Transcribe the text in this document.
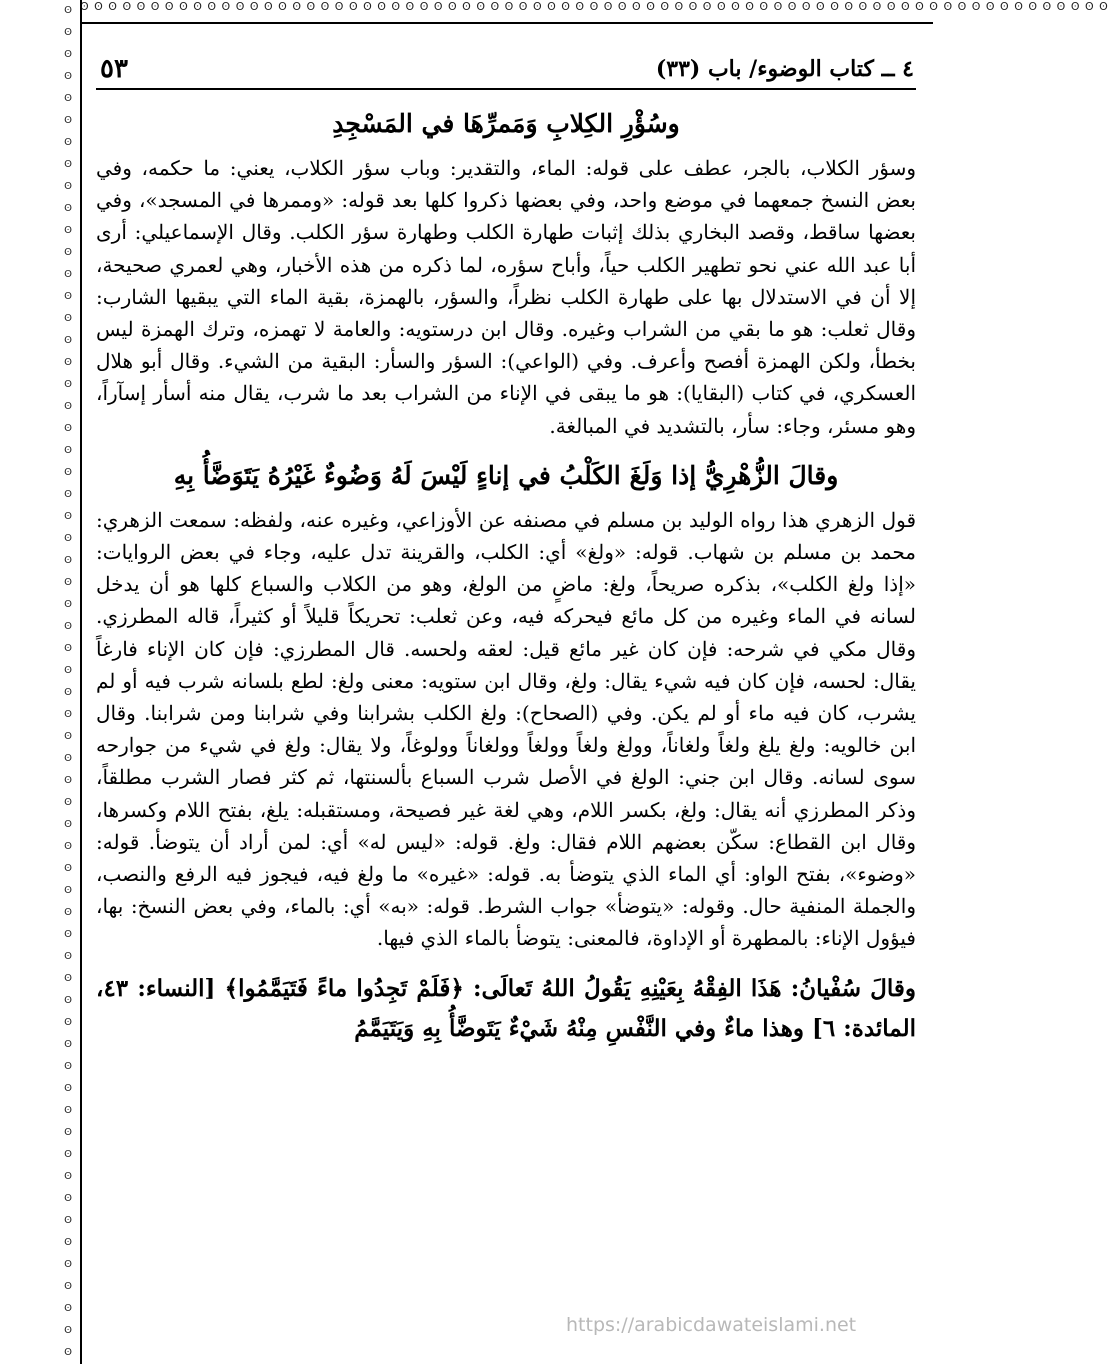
ʘ ʘ ʘ ʘ ʘ ʘ ʘ ʘ ʘ ʘ ʘ ʘ ʘ ʘ ʘ ʘ ʘ ʘ ʘ ʘ ʘ ʘ ʘ ʘ ʘ ʘ ʘ ʘ ʘ ʘ ʘ ʘ ʘ ʘ ʘ ʘ ʘ ʘ ʘ ʘ ʘ ʘ ʘ ʘ ʘ ʘ ʘ ʘ ʘ ʘ ʘ ʘ ʘ ʘ ʘ ʘ ʘ ʘ ʘ ʘ ʘ ʘ ʘ ʘ ʘ ʘ ʘ ʘ ʘ ʘ ʘ ʘ ʘ
ʘ
ʘ
ʘ
ʘ
ʘ
ʘ
ʘ
ʘ
ʘ
ʘ
ʘ
ʘ
ʘ
ʘ
ʘ
ʘ
ʘ
ʘ
ʘ
ʘ
ʘ
ʘ
ʘ
ʘ
ʘ
ʘ
ʘ
ʘ
ʘ
ʘ
ʘ
ʘ
ʘ
ʘ
ʘ
ʘ
ʘ
ʘ
ʘ
ʘ
ʘ
ʘ
ʘ
ʘ
ʘ
ʘ
ʘ
ʘ
ʘ
ʘ
ʘ
ʘ
ʘ
ʘ
ʘ
ʘ
ʘ
ʘ
ʘ
ʘ
ʘ
ʘ
٤ ــ كتاب الوضوء/ باب (٣٣)
٥٣
وسُؤْرِ الكِلابِ وَمَمرِّهَا في المَسْجِدِ

وسؤر الكلاب، بالجر، عطف على قوله: الماء، والتقدير: وباب سؤر الكلاب، يعني: ما حكمه، وفي بعض النسخ جمعهما في موضع واحد، وفي بعضها ذكروا كلها بعد قوله: «وممرها في المسجد»، وفي بعضها ساقط، وقصد البخاري بذلك إثبات طهارة الكلب وطهارة سؤر الكلب. وقال الإسماعيلي: أرى أبا عبد الله عني نحو تطهير الكلب حياً، وأباح سؤره، لما ذكره من هذه الأخبار، وهي لعمري صحيحة، إلا أن في الاستدلال بها على طهارة الكلب نظراً، والسؤر، بالهمزة، بقية الماء التي يبقيها الشارب: وقال ثعلب: هو ما بقي من الشراب وغيره. وقال ابن درستويه: والعامة لا تهمزه، وترك الهمزة ليس بخطأ، ولكن الهمزة أفصح وأعرف. وفي (الواعي): السؤر والسأر: البقية من الشيء. وقال أبو هلال العسكري، في كتاب (البقايا): هو ما يبقى في الإناء من الشراب بعد ما شرب، يقال منه أسأر إسآراً، وهو مسئر، وجاء: سأر، بالتشديد في المبالغة.

وقالَ الزُّهْرِيُّ إذا وَلَغَ الكَلْبُ في إناءٍ لَيْسَ لَهُ وَضُوءٌ غَيْرُهُ يَتَوَضَّأُ بِهِ

قول الزهري هذا رواه الوليد بن مسلم في مصنفه عن الأوزاعي، وغيره عنه، ولفظه: سمعت الزهري: محمد بن مسلم بن شهاب. قوله: «ولغ» أي: الكلب، والقرينة تدل عليه، وجاء في بعض الروايات: «إذا ولغ الكلب»، بذكره صريحاً، ولغ: ماضٍ من الولغ، وهو من الكلاب والسباع كلها هو أن يدخل لسانه في الماء وغيره من كل مائع فيحركه فيه، وعن ثعلب: تحريكاً قليلاً أو كثيراً، قاله المطرزي. وقال مكي في شرحه: فإن كان غير مائع قيل: لعقه ولحسه. قال المطرزي: فإن كان الإناء فارغاً يقال: لحسه، فإن كان فيه شيء يقال: ولغ، وقال ابن ستويه: معنى ولغ: لطع بلسانه شرب فيه أو لم يشرب، كان فيه ماء أو لم يكن. وفي (الصحاح): ولغ الكلب بشرابنا وفي شرابنا ومن شرابنا. وقال ابن خالويه: ولغ يلغ ولغاً ولغاناً، وولغ ولغاً وولغاً وولغاناً وولوغاً، ولا يقال: ولغ في شيء من جوارحه سوى لسانه. وقال ابن جني: الولغ في الأصل شرب السباع بألسنتها، ثم كثر فصار الشرب مطلقاً، وذكر المطرزي أنه يقال: ولغ، بكسر اللام، وهي لغة غير فصيحة، ومستقبله: يلغ، بفتح اللام وكسرها، وقال ابن القطاع: سكّن بعضهم اللام فقال: ولغ. قوله: «ليس له» أي: لمن أراد أن يتوضأ. قوله: «وضوء»، بفتح الواو: أي الماء الذي يتوضأ به. قوله: «غيره» ما ولغ فيه، فيجوز فيه الرفع والنصب، والجملة المنفية حال. وقوله: «يتوضأ» جواب الشرط. قوله: «به» أي: بالماء، وفي بعض النسخ: بها، فيؤول الإناء: بالمطهرة أو الإداوة، فالمعنى: يتوضأ بالماء الذي فيها.

وقالَ سُفْيانُ: هَذَا الفِقْهُ بِعَيْنِهِ يَقُولُ اللهُ تَعالَى: ﴿فَلَمْ تَجِدُوا ماءً فَتَيَمَّمُوا﴾ [النساء: ٤٣، المائدة: ٦] وهذا ماءٌ وفي النَّفْسِ مِنْهُ شَيْءٌ يَتَوضَّأُ بِهِ وَيَتَيَمَّمُ

https://arabicdawateislami.net
